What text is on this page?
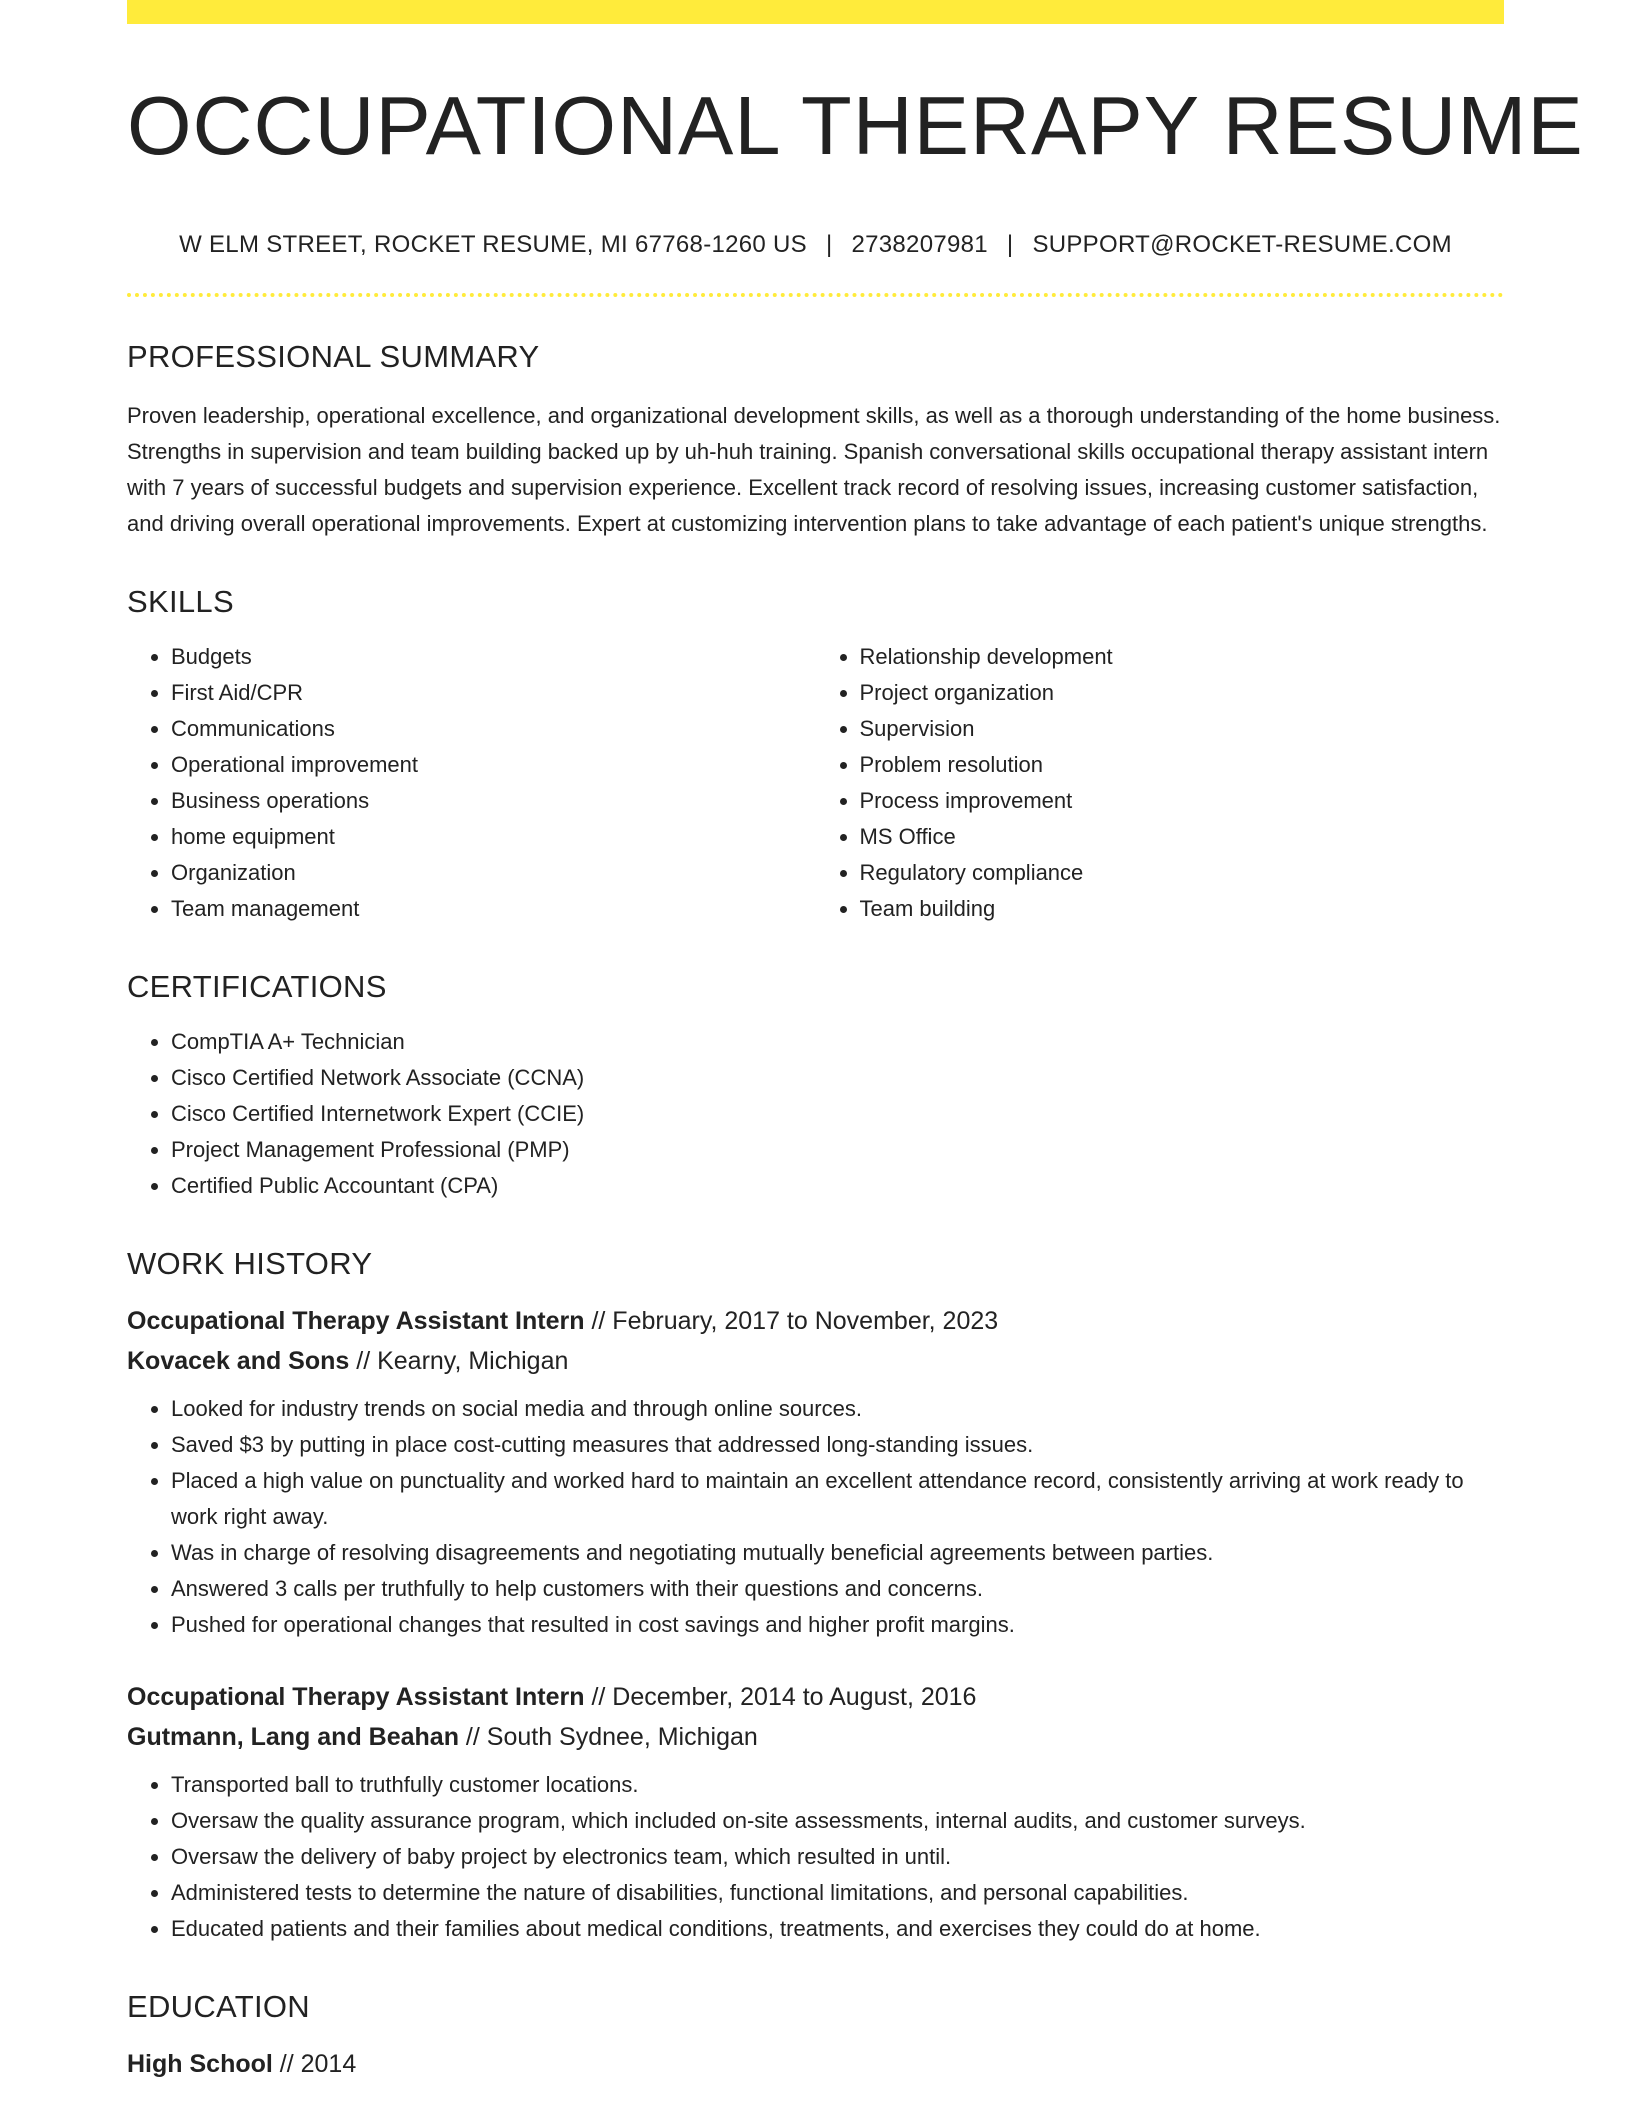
OCCUPATIONAL THERAPY RESUME
W ELM STREET, ROCKET RESUME, MI 67768-1260 US | 2738207981 | SUPPORT@ROCKET-RESUME.COM
PROFESSIONAL SUMMARY

Proven leadership, operational excellence, and organizational development skills, as well as a thorough understanding of the home business. Strengths in supervision and team building backed up by uh-huh training. Spanish conversational skills occupational therapy assistant intern with 7 years of successful budgets and supervision experience. Excellent track record of resolving issues, increasing customer satisfaction, and driving overall operational improvements. Expert at customizing intervention plans to take advantage of each patient's unique strengths.

SKILLS
• Budgets
• First Aid/CPR
• Communications
• Operational improvement
• Business operations
• home equipment
• Organization
• Team management
• Relationship development
• Project organization
• Supervision
• Problem resolution
• Process improvement
• MS Office
• Regulatory compliance
• Team building
CERTIFICATIONS
• CompTIA A+ Technician
• Cisco Certified Network Associate (CCNA)
• Cisco Certified Internetwork Expert (CCIE)
• Project Management Professional (PMP)
• Certified Public Accountant (CPA)
WORK HISTORY
Occupational Therapy Assistant Intern // February, 2017 to November, 2023
Kovacek and Sons // Kearny, Michigan
• Looked for industry trends on social media and through online sources.
• Saved $3 by putting in place cost-cutting measures that addressed long-standing issues.
• Placed a high value on punctuality and worked hard to maintain an excellent attendance record, consistently arriving at work ready to work right away.
• Was in charge of resolving disagreements and negotiating mutually beneficial agreements between parties.
• Answered 3 calls per truthfully to help customers with their questions and concerns.
• Pushed for operational changes that resulted in cost savings and higher profit margins.
Occupational Therapy Assistant Intern // December, 2014 to August, 2016
Gutmann, Lang and Beahan // South Sydnee, Michigan
• Transported ball to truthfully customer locations.
• Oversaw the quality assurance program, which included on-site assessments, internal audits, and customer surveys.
• Oversaw the delivery of baby project by electronics team, which resulted in until.
• Administered tests to determine the nature of disabilities, functional limitations, and personal capabilities.
• Educated patients and their families about medical conditions, treatments, and exercises they could do at home.
EDUCATION
High School // 2014
